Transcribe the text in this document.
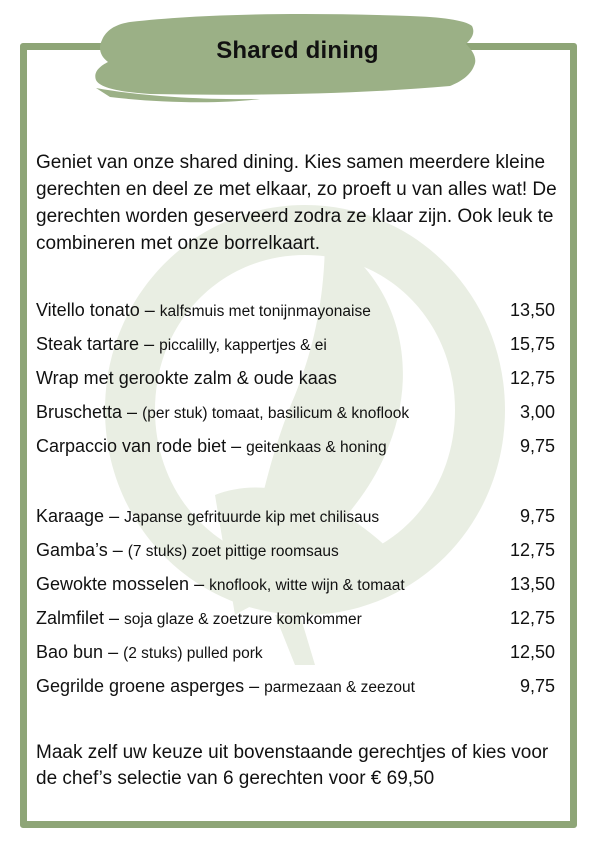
Shared dining
Geniet van onze shared dining. Kies samen meerdere kleine gerechten en deel ze met elkaar, zo proeft u van alles wat! De gerechten worden geserveerd zodra ze klaar zijn. Ook leuk te combineren met onze borrelkaart.
Vitello tonato – kalfsmuis met tonijnmayonaise	13,50
Steak tartare – piccalilly, kappertjes & ei	15,75
Wrap met gerookte zalm & oude kaas	12,75
Bruschetta – (per stuk) tomaat, basilicum & knoflook	3,00
Carpaccio van rode biet – geitenkaas & honing	9,75
Karaage – Japanse gefrituurde kip met chilisaus	9,75
Gamba’s – (7 stuks) zoet pittige roomsaus	12,75
Gewokte mosselen – knoflook, witte wijn & tomaat	13,50
Zalmfilet – soja glaze & zoetzure komkommer	12,75
Bao bun – (2 stuks) pulled pork	12,50
Gegrilde groene asperges – parmezaan & zeezout	9,75
Maak zelf uw keuze uit bovenstaande gerechtjes of kies voor de chef’s selectie van 6 gerechten voor € 69,50
